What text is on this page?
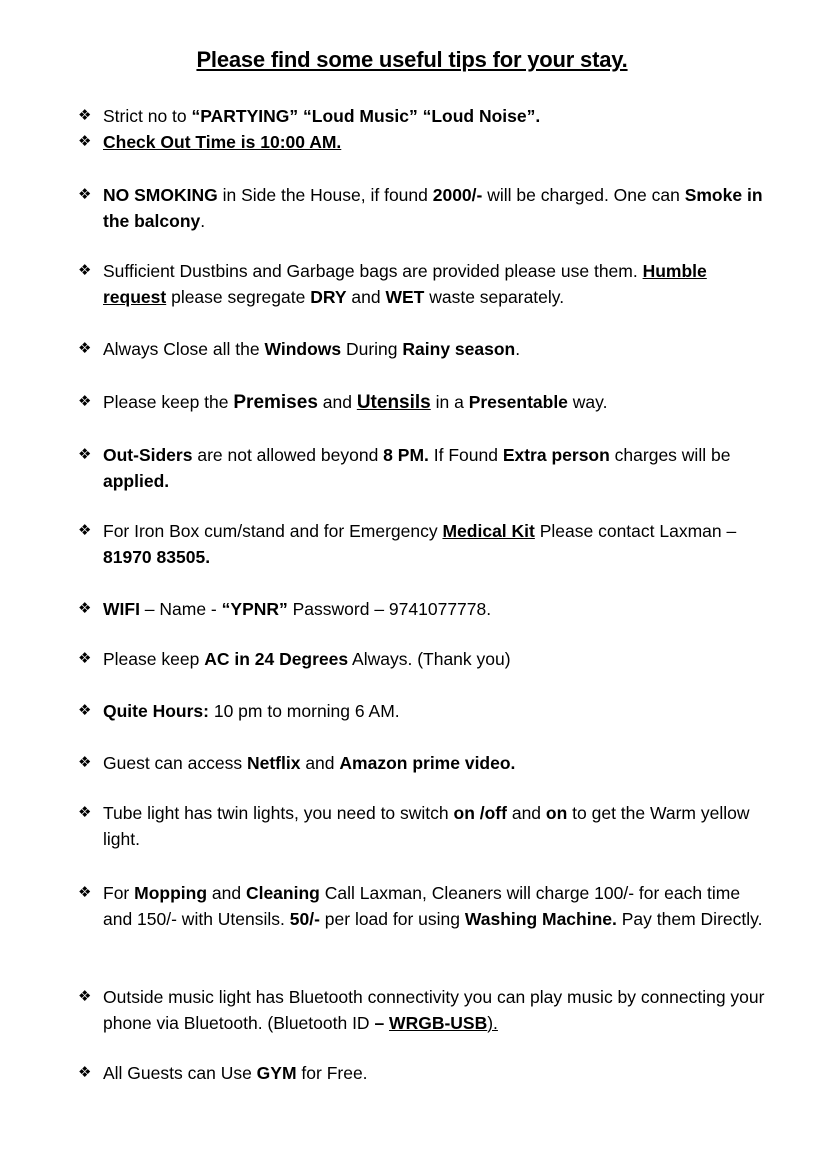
Please find some useful tips for your stay.
❖ Strict no to “PARTYING” “Loud Music” “Loud Noise”.
❖ Check Out Time is 10:00 AM.
❖ NO SMOKING in Side the House, if found 2000/- will be charged. One can Smoke in the balcony.
❖ Sufficient Dustbins and Garbage bags are provided please use them. Humble request please segregate DRY and WET waste separately.
❖ Always Close all the Windows During Rainy season.
❖ Please keep the Premises and Utensils in a Presentable way.
❖ Out-Siders are not allowed beyond 8 PM. If Found Extra person charges will be applied.
❖ For Iron Box cum/stand and for Emergency Medical Kit Please contact Laxman – 81970 83505.
❖ WIFI – Name - “YPNR” Password – 9741077778.
❖ Please keep AC in 24 Degrees Always. (Thank you)
❖ Quite Hours: 10 pm to morning 6 AM.
❖ Guest can access Netflix and Amazon prime video.
❖ Tube light has twin lights, you need to switch on /off and on to get the Warm yellow light.
❖ For Mopping and Cleaning Call Laxman, Cleaners will charge 100/- for each time and 150/- with Utensils. 50/- per load for using Washing Machine. Pay them Directly.
❖ Outside music light has Bluetooth connectivity you can play music by connecting your phone via Bluetooth. (Bluetooth ID – WRGB-USB).
❖ All Guests can Use GYM for Free.
